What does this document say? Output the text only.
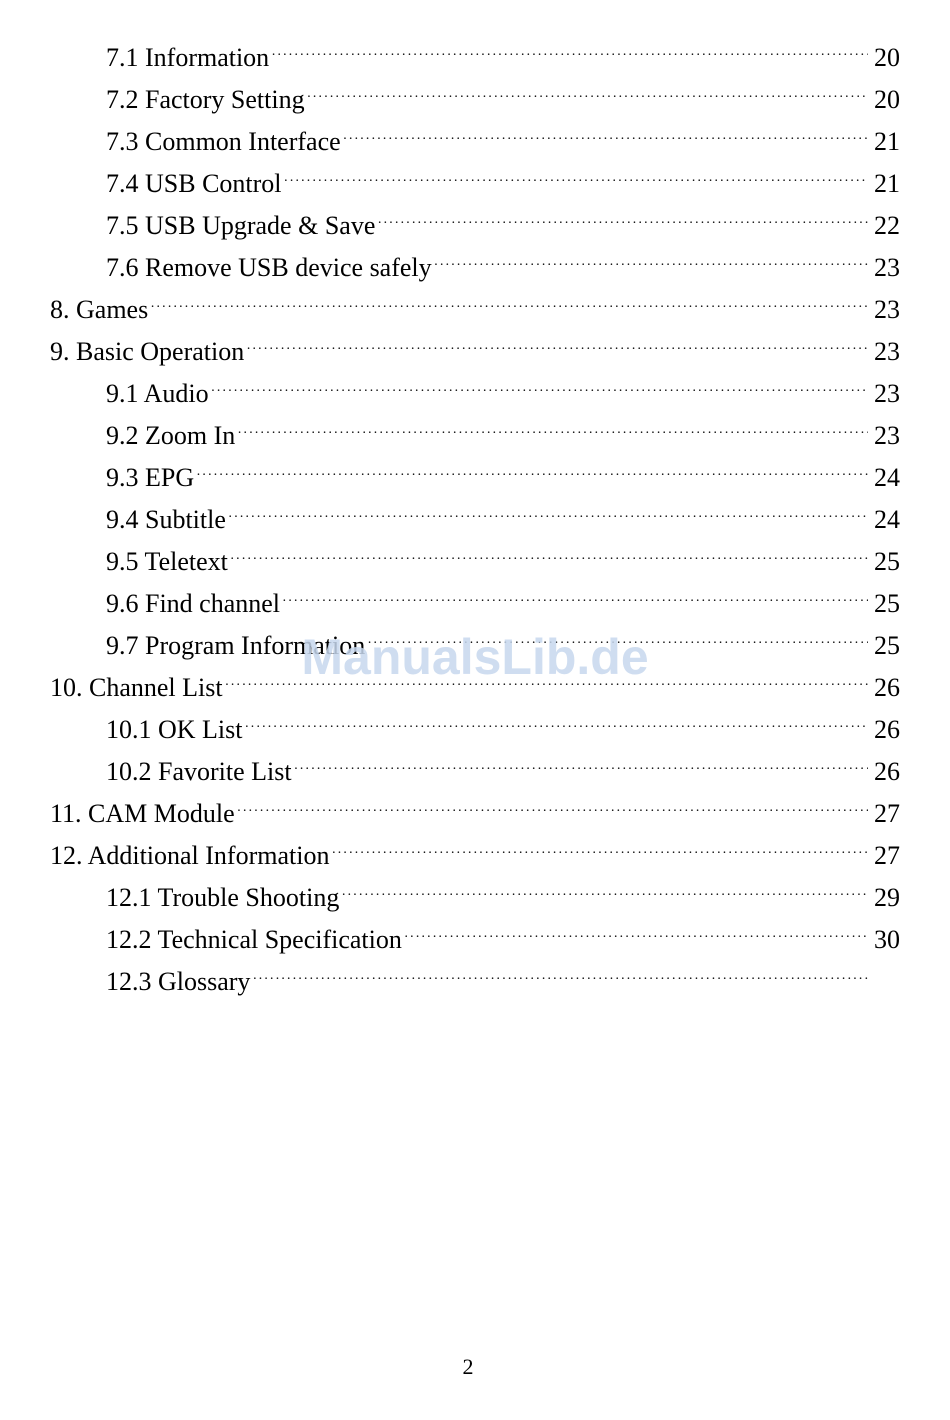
7.1 Information ·····	20
7.2 Factory Setting ·····	20
7.3 Common Interface ·····	21
7.4 USB Control ·····	21
7.5 USB Upgrade & Save ·····	22
7.6 Remove USB device safely ·····	23
8. Games ·····	23
9. Basic Operation ·····	23
9.1 Audio ·····	23
9.2 Zoom In ·····	23
9.3 EPG ·····	24
9.4 Subtitle ·····	24
9.5 Teletext ·····	25
9.6 Find channel ·····	25
9.7 Program Information ·····	25
10. Channel List ·····	26
10.1 OK List ·····	26
10.2 Favorite List ·····	26
11. CAM Module ·····	27
12. Additional Information ·····	27
12.1 Trouble Shooting ·····	29
12.2 Technical Specification ·····	30
12.3 Glossary
·····
ManualsLib.de
2
